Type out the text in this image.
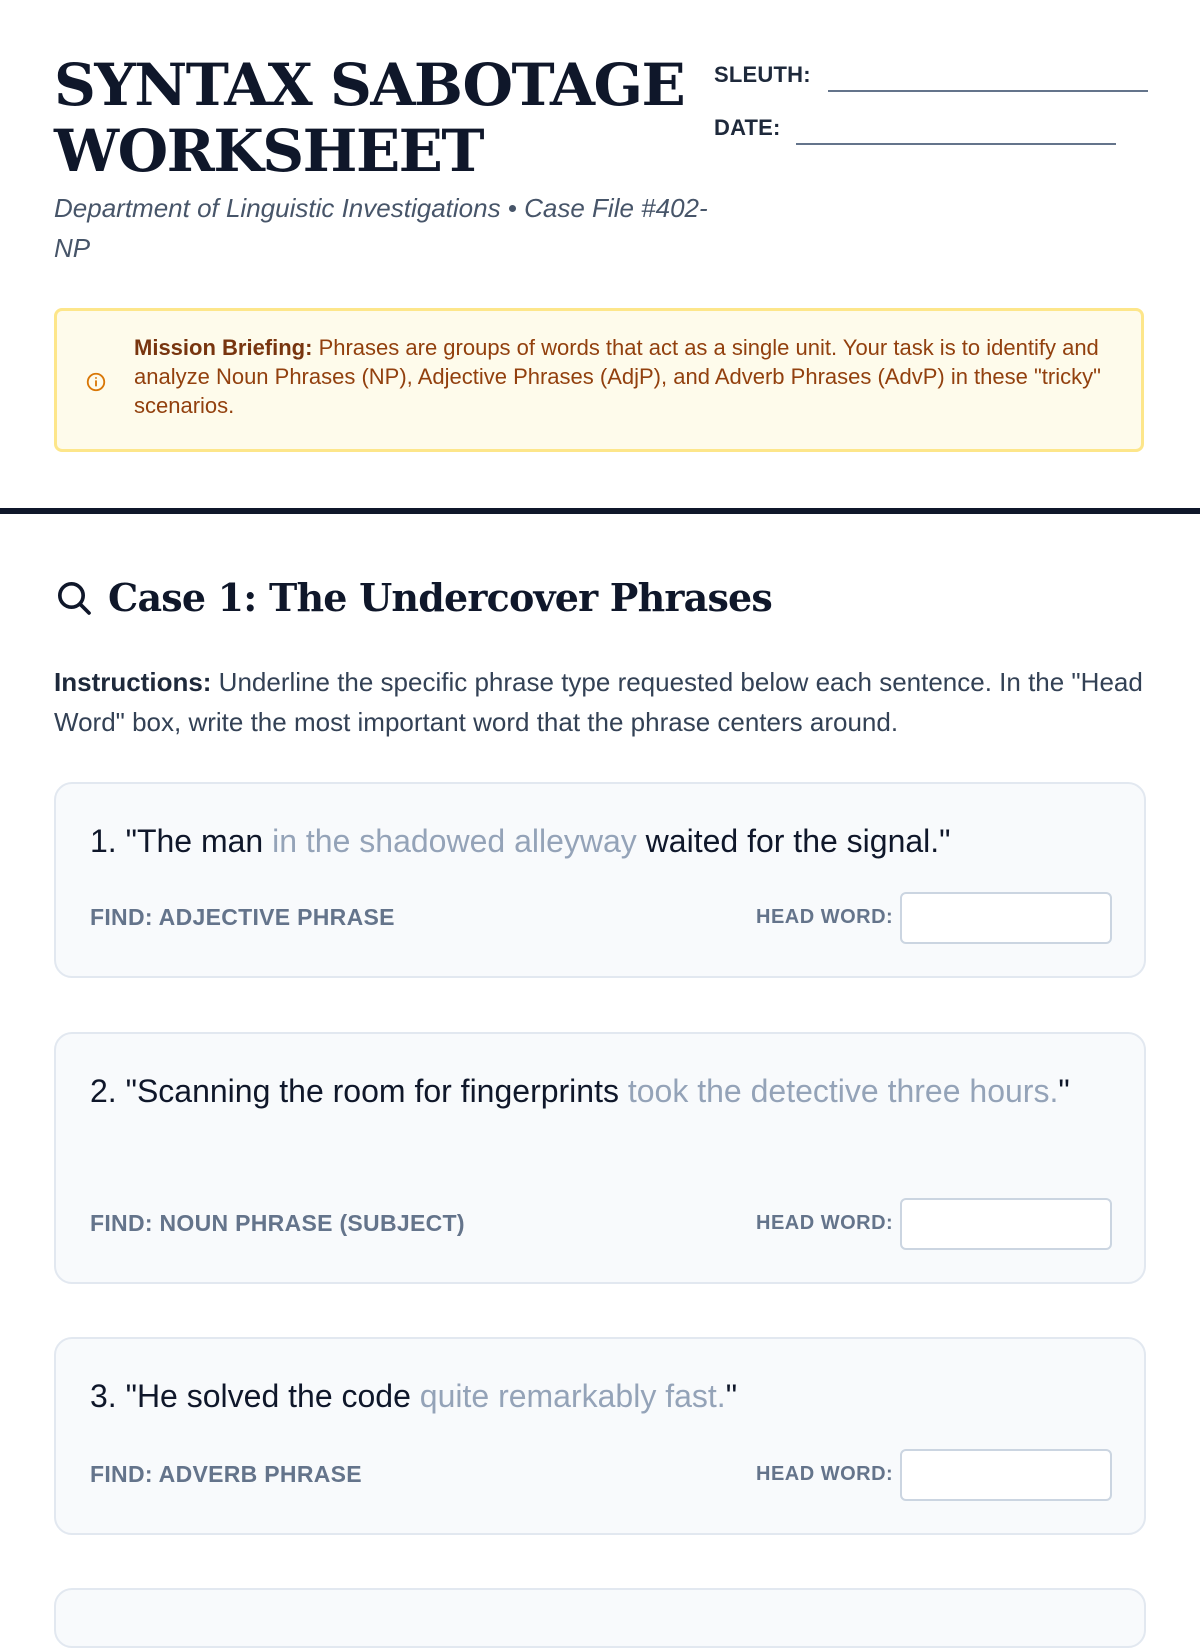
SYNTAX SABOTAGE WORKSHEET
Department of Linguistic Investigations • Case File #402-NP
SLEUTH:
DATE:
Mission Briefing: Phrases are groups of words that act as a single unit. Your task is to identify and analyze Noun Phrases (NP), Adjective Phrases (AdjP), and Adverb Phrases (AdvP) in these "tricky" scenarios.
Case 1: The Undercover Phrases
Instructions: Underline the specific phrase type requested below each sentence. In the "Head Word" box, write the most important word that the phrase centers around.
1. "The man in the shadowed alleyway waited for the signal."
FIND: ADJECTIVE PHRASE	HEAD WORD:
2. "Scanning the room for fingerprints took the detective three hours."
FIND: NOUN PHRASE (SUBJECT)	HEAD WORD:
3. "He solved the code quite remarkably fast."
FIND: ADVERB PHRASE	HEAD WORD:
